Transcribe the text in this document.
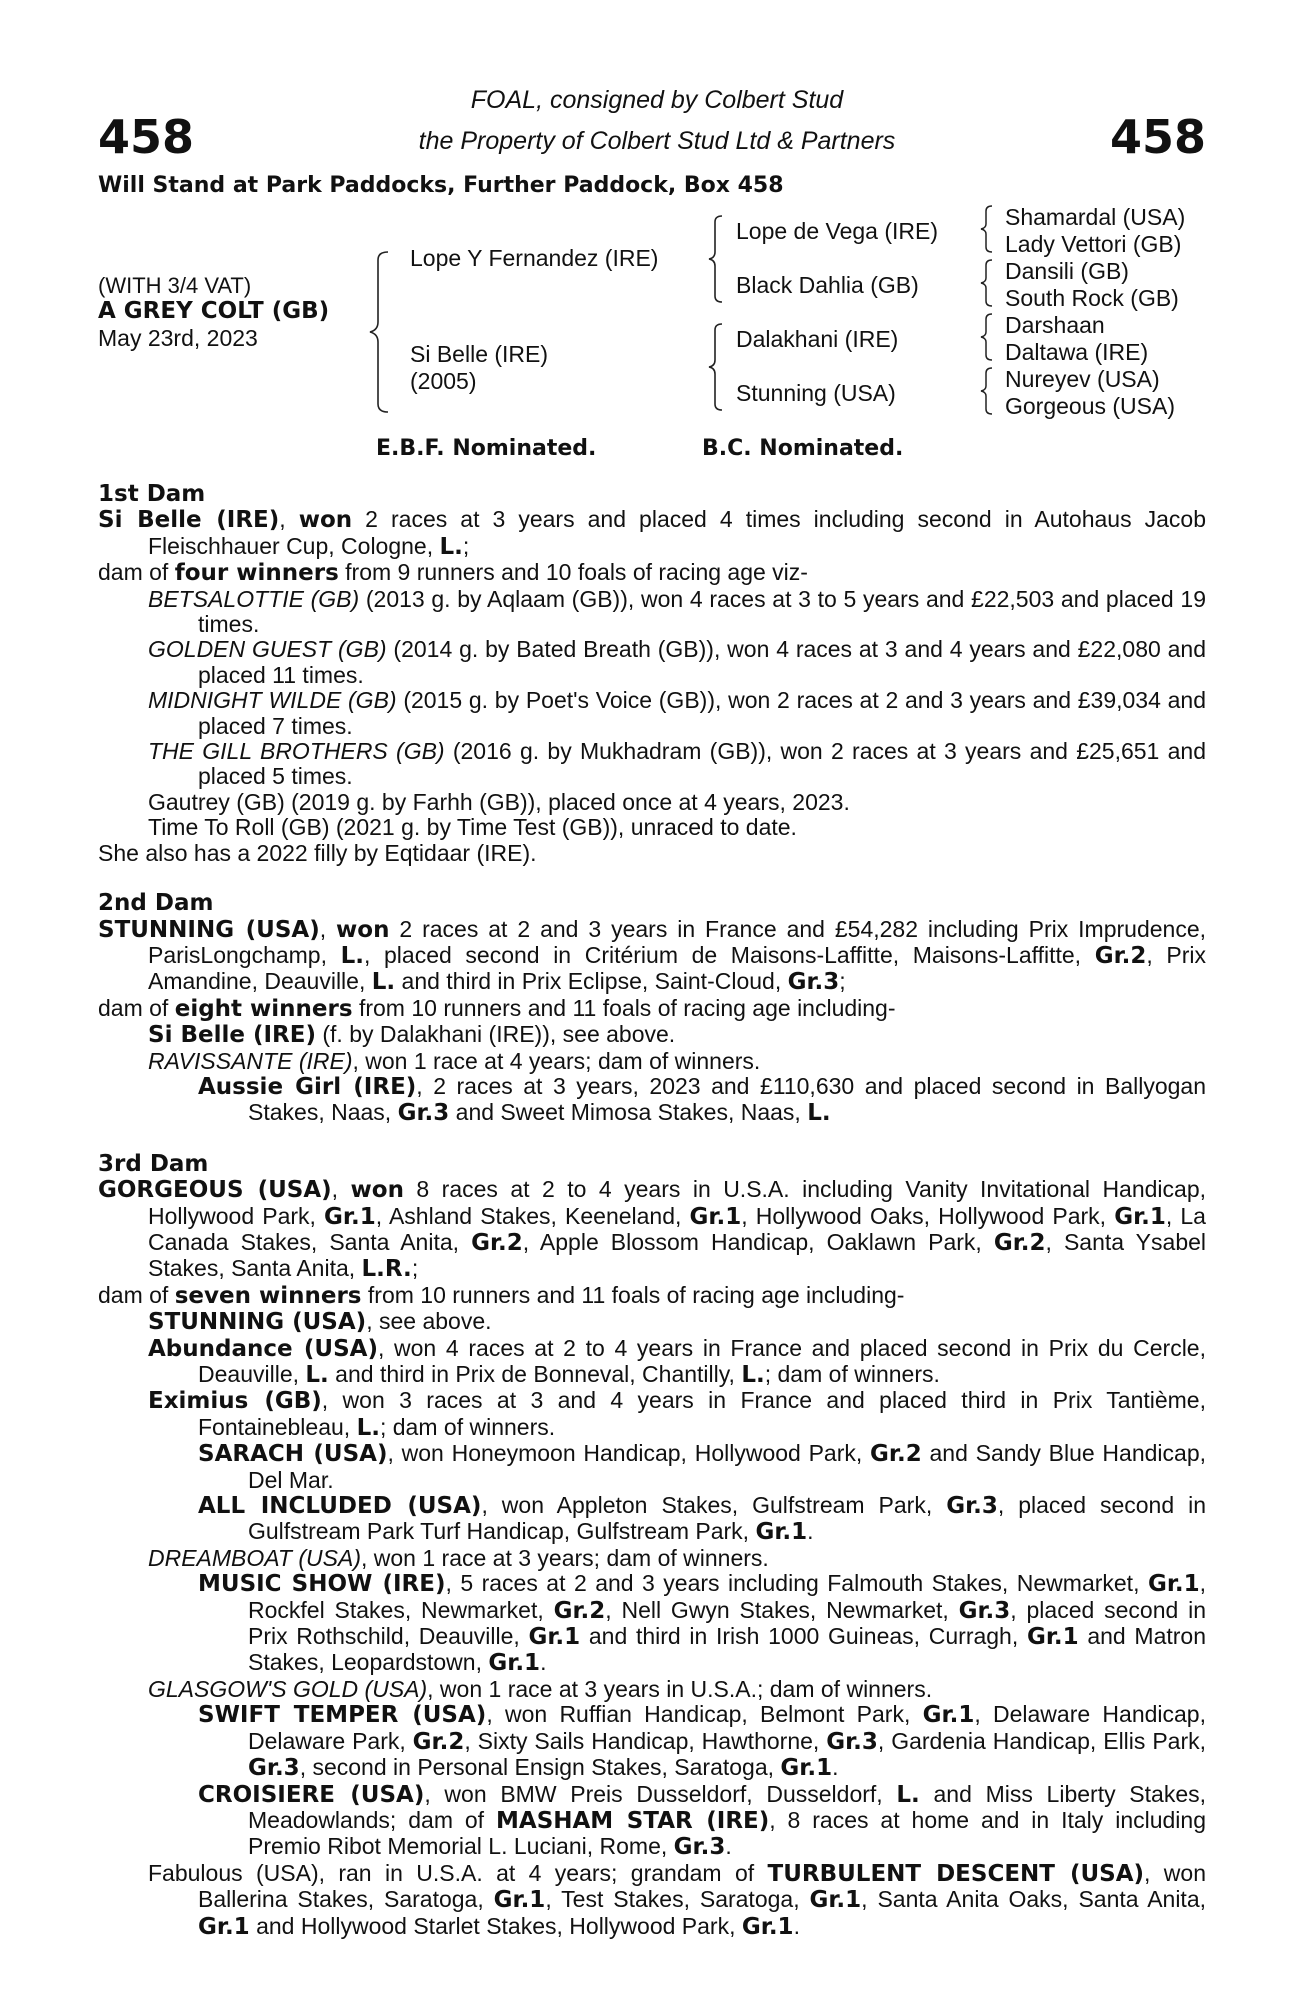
458	458
FOAL, consigned by Colbert Stud
the Property of Colbert Stud Ltd & Partners
Will Stand at Park Paddocks, Further Paddock, Box 458
(WITH 3/4 VAT)
A GREY COLT (GB)
May 23rd, 2023
Lope Y Fernandez (IRE)
Si Belle (IRE)
(2005)
Lope de Vega (IRE)
Black Dahlia (GB)
Dalakhani (IRE)
Stunning (USA)
Shamardal (USA)
Lady Vettori (GB)
Dansili (GB)
South Rock (GB)
Darshaan
Daltawa (IRE)
Nureyev (USA)
Gorgeous (USA)
E.B.F. Nominated.	B.C. Nominated.

1st Dam

Si Belle (IRE), won 2 races at 3 years and placed 4 times including second in Autohaus Jacob Fleischhauer Cup, Cologne, L.;

dam of four winners from 9 runners and 10 foals of racing age viz-

BETSALOTTIE (GB) (2013 g. by Aqlaam (GB)), won 4 races at 3 to 5 years and £22,503 and placed 19 times.

GOLDEN GUEST (GB) (2014 g. by Bated Breath (GB)), won 4 races at 3 and 4 years and £22,080 and placed 11 times.

MIDNIGHT WILDE (GB) (2015 g. by Poet's Voice (GB)), won 2 races at 2 and 3 years and £39,034 and placed 7 times.

THE GILL BROTHERS (GB) (2016 g. by Mukhadram (GB)), won 2 races at 3 years and £25,651 and placed 5 times.

Gautrey (GB) (2019 g. by Farhh (GB)), placed once at 4 years, 2023.

Time To Roll (GB) (2021 g. by Time Test (GB)), unraced to date.

She also has a 2022 filly by Eqtidaar (IRE).

2nd Dam

STUNNING (USA), won 2 races at 2 and 3 years in France and £54,282 including Prix Imprudence, ParisLongchamp, L., placed second in Critérium de Maisons-Laffitte, Maisons-Laffitte, Gr.2, Prix Amandine, Deauville, L. and third in Prix Eclipse, Saint-Cloud, Gr.3;

dam of eight winners from 10 runners and 11 foals of racing age including-

Si Belle (IRE) (f. by Dalakhani (IRE)), see above.

RAVISSANTE (IRE), won 1 race at 4 years; dam of winners.

Aussie Girl (IRE), 2 races at 3 years, 2023 and £110,630 and placed second in Ballyogan Stakes, Naas, Gr.3 and Sweet Mimosa Stakes, Naas, L.

3rd Dam

GORGEOUS (USA), won 8 races at 2 to 4 years in U.S.A. including Vanity Invitational Handicap, Hollywood Park, Gr.1, Ashland Stakes, Keeneland, Gr.1, Hollywood Oaks, Hollywood Park, Gr.1, La Canada Stakes, Santa Anita, Gr.2, Apple Blossom Handicap, Oaklawn Park, Gr.2, Santa Ysabel Stakes, Santa Anita, L.R.;

dam of seven winners from 10 runners and 11 foals of racing age including-

STUNNING (USA), see above.

Abundance (USA), won 4 races at 2 to 4 years in France and placed second in Prix du Cercle, Deauville, L. and third in Prix de Bonneval, Chantilly, L.; dam of winners.

Eximius (GB), won 3 races at 3 and 4 years in France and placed third in Prix Tantième, Fontainebleau, L.; dam of winners.

SARACH (USA), won Honeymoon Handicap, Hollywood Park, Gr.2 and Sandy Blue Handicap, Del Mar.

ALL INCLUDED (USA), won Appleton Stakes, Gulfstream Park, Gr.3, placed second in Gulfstream Park Turf Handicap, Gulfstream Park, Gr.1.

DREAMBOAT (USA), won 1 race at 3 years; dam of winners.

MUSIC SHOW (IRE), 5 races at 2 and 3 years including Falmouth Stakes, Newmarket, Gr.1, Rockfel Stakes, Newmarket, Gr.2, Nell Gwyn Stakes, Newmarket, Gr.3, placed second in Prix Rothschild, Deauville, Gr.1 and third in Irish 1000 Guineas, Curragh, Gr.1 and Matron Stakes, Leopardstown, Gr.1.

GLASGOW'S GOLD (USA), won 1 race at 3 years in U.S.A.; dam of winners.

SWIFT TEMPER (USA), won Ruffian Handicap, Belmont Park, Gr.1, Delaware Handicap, Delaware Park, Gr.2, Sixty Sails Handicap, Hawthorne, Gr.3, Gardenia Handicap, Ellis Park, Gr.3, second in Personal Ensign Stakes, Saratoga, Gr.1.

CROISIERE (USA), won BMW Preis Dusseldorf, Dusseldorf, L. and Miss Liberty Stakes, Meadowlands; dam of MASHAM STAR (IRE), 8 races at home and in Italy including Premio Ribot Memorial L. Luciani, Rome, Gr.3.

Fabulous (USA), ran in U.S.A. at 4 years; grandam of TURBULENT DESCENT (USA), won Ballerina Stakes, Saratoga, Gr.1, Test Stakes, Saratoga, Gr.1, Santa Anita Oaks, Santa Anita, Gr.1 and Hollywood Starlet Stakes, Hollywood Park, Gr.1.
